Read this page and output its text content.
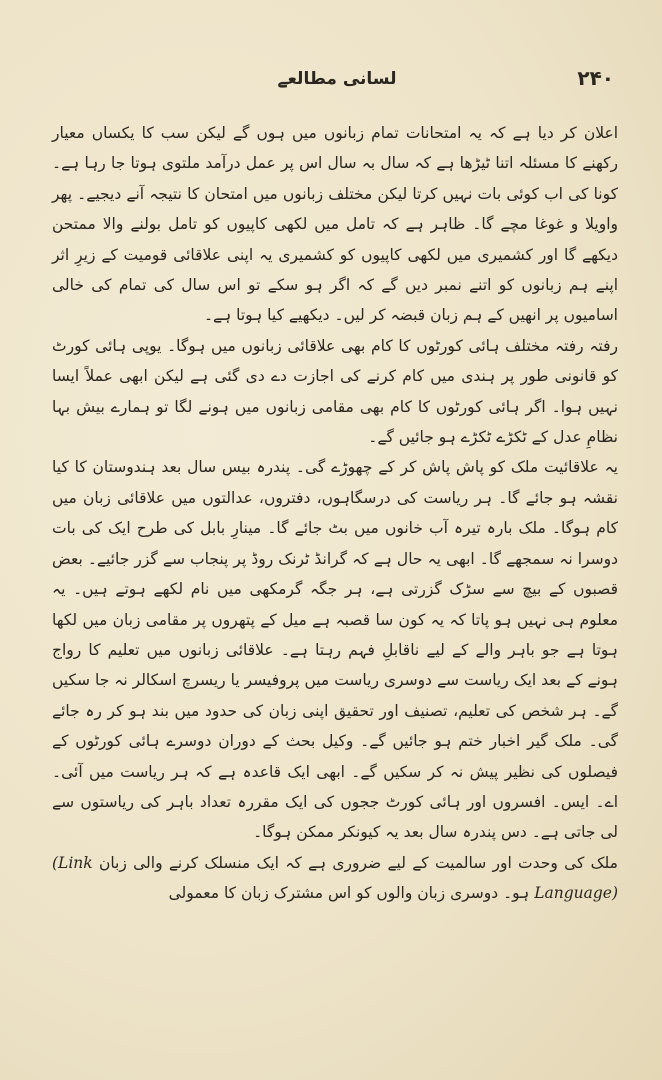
لسانی مطالعے	۲۴۰

اعلان کر دیا ہے کہ یہ امتحانات تمام زبانوں میں ہوں گے لیکن سب کا یکساں معیار رکھنے کا مسئلہ اتنا ٹیڑھا ہے کہ سال بہ سال اس پر عمل درآمد ملتوی ہوتا جا رہا ہے۔ کونا کی اب کوئی بات نہیں کرتا لیکن مختلف زبانوں میں امتحان کا نتیجہ آنے دیجیے۔ پھر واویلا و غوغا مچے گا۔ ظاہر ہے کہ تامل میں لکھی کاپیوں کو تامل بولنے والا ممتحن دیکھے گا اور کشمیری میں لکھی کاپیوں کو کشمیری یہ اپنی علاقائی قومیت کے زیرِ اثر اپنے ہم زبانوں کو اتنے نمبر دیں گے کہ اگر ہو سکے تو اس سال کی تمام کی خالی اسامیوں پر انھیں کے ہم زبان قبضہ کر لیں۔ دیکھیے کیا ہوتا ہے۔

رفتہ رفتہ مختلف ہائی کورٹوں کا کام بھی علاقائی زبانوں میں ہوگا۔ یوپی ہائی کورٹ کو قانونی طور پر ہندی میں کام کرنے کی اجازت دے دی گئی ہے لیکن ابھی عملاً ایسا نہیں ہوا۔ اگر ہائی کورٹوں کا کام بھی مقامی زبانوں میں ہونے لگا تو ہمارے بیش بہا نظامِ عدل کے ٹکڑے ٹکڑے ہو جائیں گے۔

یہ علاقائیت ملک کو پاش پاش کر کے چھوڑے گی۔ پندرہ بیس سال بعد ہندوستان کا کیا نقشہ ہو جائے گا۔ ہر ریاست کی درسگاہوں، دفتروں، عدالتوں میں علاقائی زبان میں کام ہوگا۔ ملک بارہ تیرہ آب خانوں میں بٹ جائے گا۔ مینارِ بابل کی طرح ایک کی بات دوسرا نہ سمجھے گا۔ ابھی یہ حال ہے کہ گرانڈ ٹرنک روڈ پر پنجاب سے گزر جائیے۔ بعض قصبوں کے بیچ سے سڑک گزرتی ہے، ہر جگہ گرمکھی میں نام لکھے ہوتے ہیں۔ یہ معلوم ہی نہیں ہو پاتا کہ یہ کون سا قصبہ ہے میل کے پتھروں پر مقامی زبان میں لکھا ہوتا ہے جو باہر والے کے لیے ناقابلِ فہم رہتا ہے۔ علاقائی زبانوں میں تعلیم کا رواج ہونے کے بعد ایک ریاست سے دوسری ریاست میں پروفیسر یا ریسرچ اسکالر نہ جا سکیں گے۔ ہر شخص کی تعلیم، تصنیف اور تحقیق اپنی زبان کی حدود میں بند ہو کر رہ جائے گی۔ ملک گیر اخبار ختم ہو جائیں گے۔ وکیل بحث کے دوران دوسرے ہائی کورٹوں کے فیصلوں کی نظیر پیش نہ کر سکیں گے۔ ابھی ایک قاعدہ ہے کہ ہر ریاست میں آئی۔ اے۔ ایس۔ افسروں اور ہائی کورٹ ججوں کی ایک مقررہ تعداد باہر کی ریاستوں سے لی جاتی ہے۔ دس پندرہ سال بعد یہ کیونکر ممکن ہوگا۔

ملک کی وحدت اور سالمیت کے لیے ضروری ہے کہ ایک منسلک کرنے والی زبان (Link Language) ہو۔ دوسری زبان والوں کو اس مشترک زبان کا معمولی
